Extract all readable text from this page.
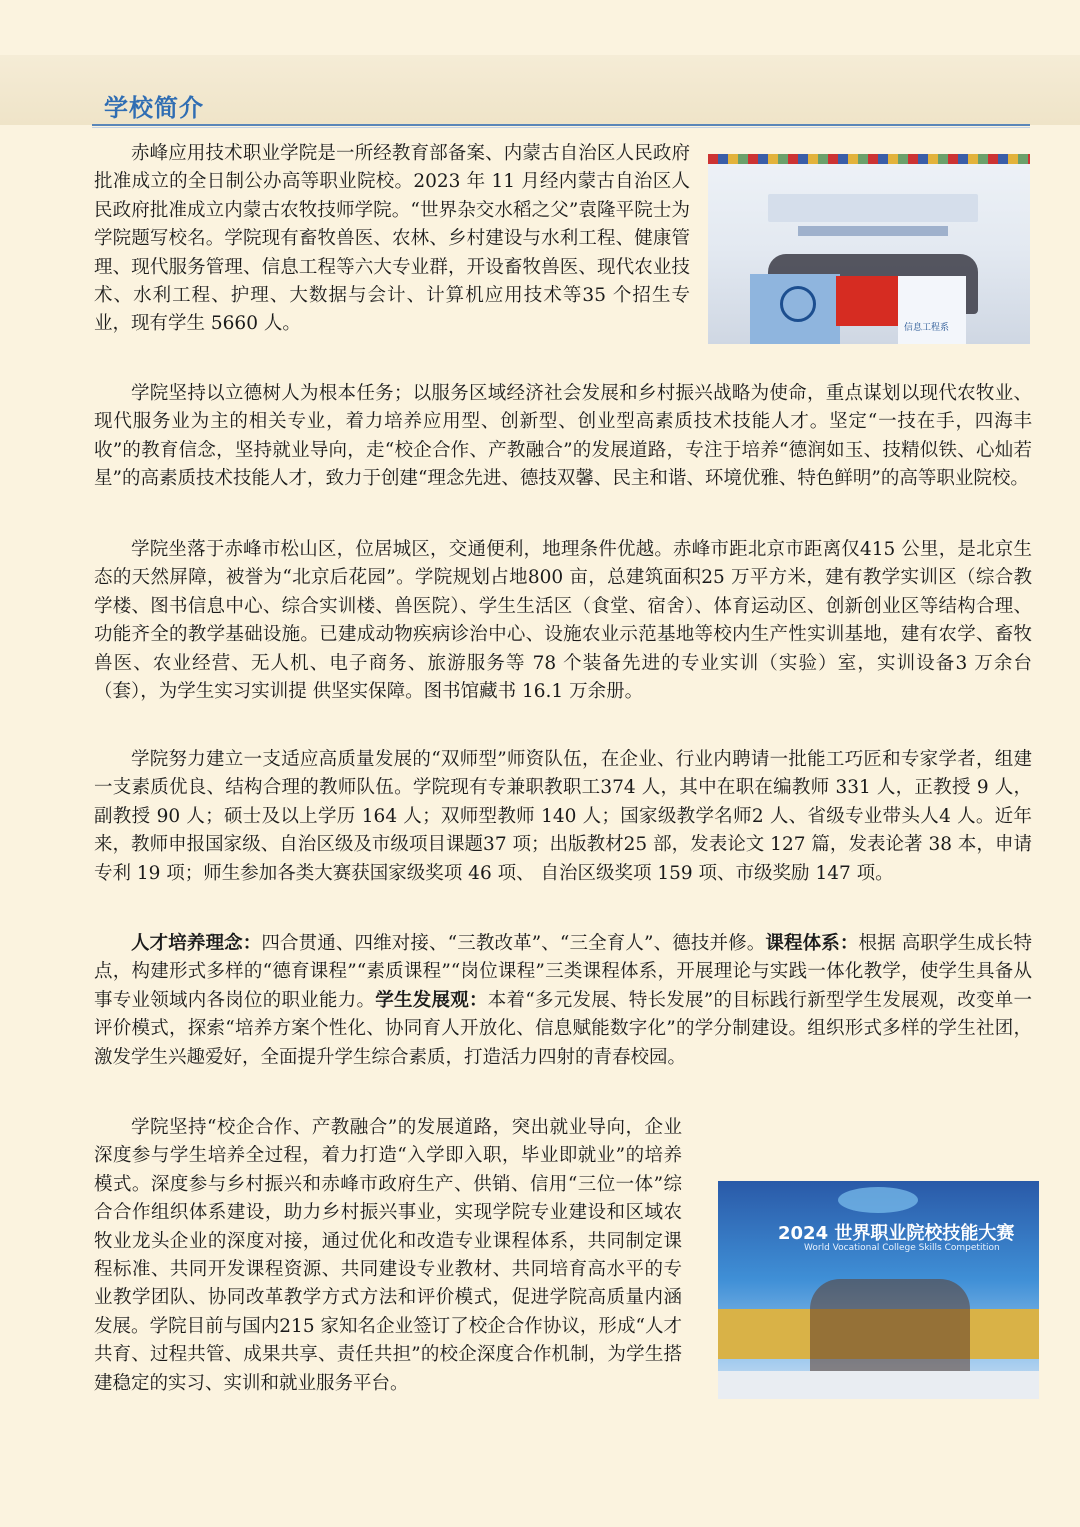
学校简介
信息工程系

赤峰应用技术职业学院是一所经教育部备案、内蒙古自治区人民政府批准成立的全日制公办高等职业院校。2023 年 11 月经内蒙古自治区人民政府批准成立内蒙古农牧技师学院。“世界杂交水稻之父”袁隆平院士为学院题写校名。学院现有畜牧兽医、农林、乡村建设与水利工程、健康管理、现代服务管理、信息工程等六大专业群，开设畜牧兽医、现代农业技术、水利工程、护理、大数据与会计、计算机应用技术等35 个招生专业，现有学生 5660 人。

学院坚持以立德树人为根本任务；以服务区域经济社会发展和乡村振兴战略为使命，重点谋划以现代农牧业、现代服务业为主的相关专业，着力培养应用型、创新型、创业型高素质技术技能人才。坚定“一技在手，四海丰收”的教育信念，坚持就业导向，走“校企合作、产教融合”的发展道路，专注于培养“德润如玉、技精似铁、心灿若星”的高素质技术技能人才，致力于创建“理念先进、德技双馨、民主和谐、环境优雅、特色鲜明”的高等职业院校。

学院坐落于赤峰市松山区，位居城区，交通便利，地理条件优越。赤峰市距北京市距离仅415 公里，是北京生态的天然屏障，被誉为“北京后花园”。学院规划占地800 亩，总建筑面积25 万平方米，建有教学实训区（综合教学楼、图书信息中心、综合实训楼、兽医院）、学生生活区（食堂、宿舍）、体育运动区、创新创业区等结构合理、功能齐全的教学基础设施。已建成动物疾病诊治中心、设施农业示范基地等校内生产性实训基地，建有农学、畜牧兽医、农业经营、无人机、电子商务、旅游服务等 78 个装备先进的专业实训（实验）室，实训设备3 万余台（套），为学生实习实训提 供坚实保障。图书馆藏书 16.1 万余册。

学院努力建立一支适应高质量发展的“双师型”师资队伍，在企业、行业内聘请一批能工巧匠和专家学者，组建一支素质优良、结构合理的教师队伍。学院现有专兼职教职工374 人，其中在职在编教师 331 人，正教授 9 人，副教授 90 人；硕士及以上学历 164 人；双师型教师 140 人；国家级教学名师2 人、省级专业带头人4 人。近年来，教师申报国家级、自治区级及市级项目课题37 项；出版教材25 部，发表论文 127 篇，发表论著 38 本，申请专利 19 项；师生参加各类大赛获国家级奖项 46 项、 自治区级奖项 159 项、市级奖励 147 项。

人才培养理念：四合贯通、四维对接、“三教改革”、“三全育人”、德技并修。课程体系：根据 高职学生成长特点，构建形式多样的“德育课程”“素质课程”“岗位课程”三类课程体系，开展理论与实践一体化教学，使学生具备从事专业领域内各岗位的职业能力。学生发展观：本着“多元发展、特长发展”的目标践行新型学生发展观，改变单一评价模式，探索“培养方案个性化、协同育人开放化、信息赋能数字化”的学分制建设。组织形式多样的学生社团，激发学生兴趣爱好，全面提升学生综合素质，打造活力四射的青春校园。

2024 世界职业院校技能大赛
World Vocational College Skills Competition

学院坚持“校企合作、产教融合”的发展道路，突出就业导向，企业深度参与学生培养全过程，着力打造“入学即入职，毕业即就业”的培养模式。深度参与乡村振兴和赤峰市政府生产、供销、信用“三位一体”综合合作组织体系建设，助力乡村振兴事业，实现学院专业建设和区域农牧业龙头企业的深度对接，通过优化和改造专业课程体系，共同制定课程标准、共同开发课程资源、共同建设专业教材、共同培育高水平的专业教学团队、协同改革教学方式方法和评价模式，促进学院高质量内涵发展。学院目前与国内215 家知名企业签订了校企合作协议，形成“人才共育、过程共管、成果共享、责任共担”的校企深度合作机制，为学生搭建稳定的实习、实训和就业服务平台。
